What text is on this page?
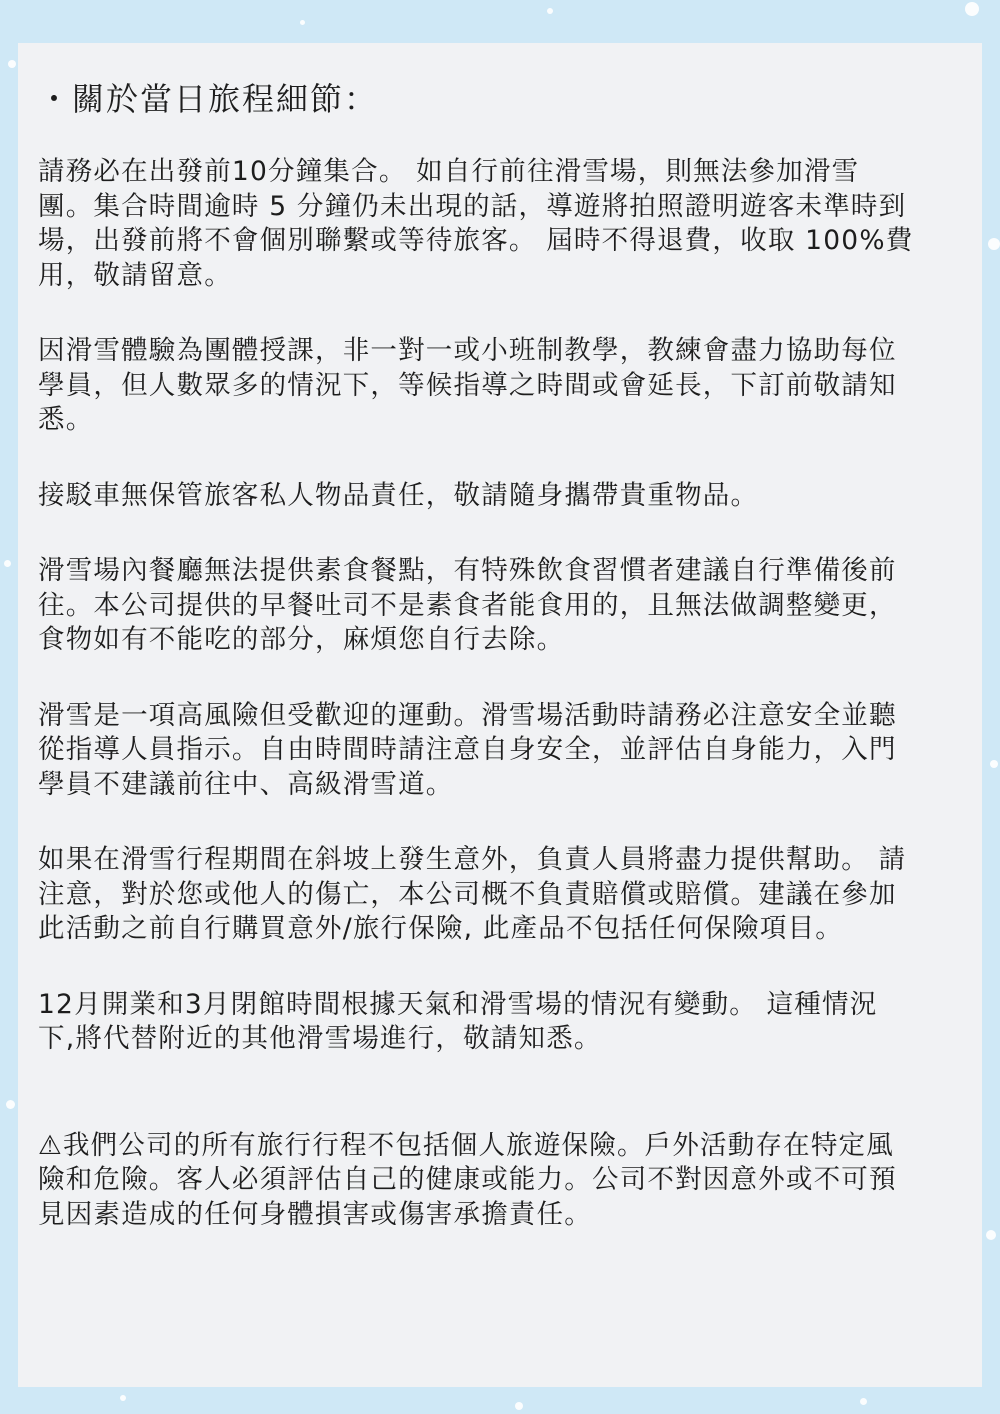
・關於當日旅程細節：

請務必在出發前10分鐘集合。 如自行前往滑雪場，則無法參加滑雪
團。集合時間逾時 5 分鐘仍未出現的話，導遊將拍照證明遊客未準時到
場，出發前將不會個別聯繫或等待旅客。 屆時不得退費，收取 100%費
用，敬請留意。

因滑雪體驗為團體授課，非一對一或小班制教學，教練會盡力協助每位
學員，但人數眾多的情況下，等候指導之時間或會延長，下訂前敬請知
悉。

接駁車無保管旅客私人物品責任，敬請隨身攜帶貴重物品。

滑雪場內餐廳無法提供素食餐點，有特殊飲食習慣者建議自行準備後前
往。本公司提供的早餐吐司不是素食者能食用的，且無法做調整變更，
食物如有不能吃的部分，麻煩您自行去除。

滑雪是一項高風險但受歡迎的運動。滑雪場活動時請務必注意安全並聽
從指導人員指示。自由時間時請注意自身安全，並評估自身能力，入門
學員不建議前往中、高級滑雪道。

如果在滑雪行程期間在斜坡上發生意外，負責人員將盡力提供幫助。 請
注意，對於您或他人的傷亡，本公司概不負責賠償或賠償。建議在參加
此活動之前自行購買意外/旅行保險, 此產品不包括任何保險項目。

12月開業和3月閉館時間根據天氣和滑雪場的情況有變動。 這種情況
下,將代替附近的其他滑雪場進行，敬請知悉。

⚠我們公司的所有旅行行程不包括個人旅遊保險。戶外活動存在特定風
險和危險。客人必須評估自己的健康或能力。公司不對因意外或不可預
見因素造成的任何身體損害或傷害承擔責任。
